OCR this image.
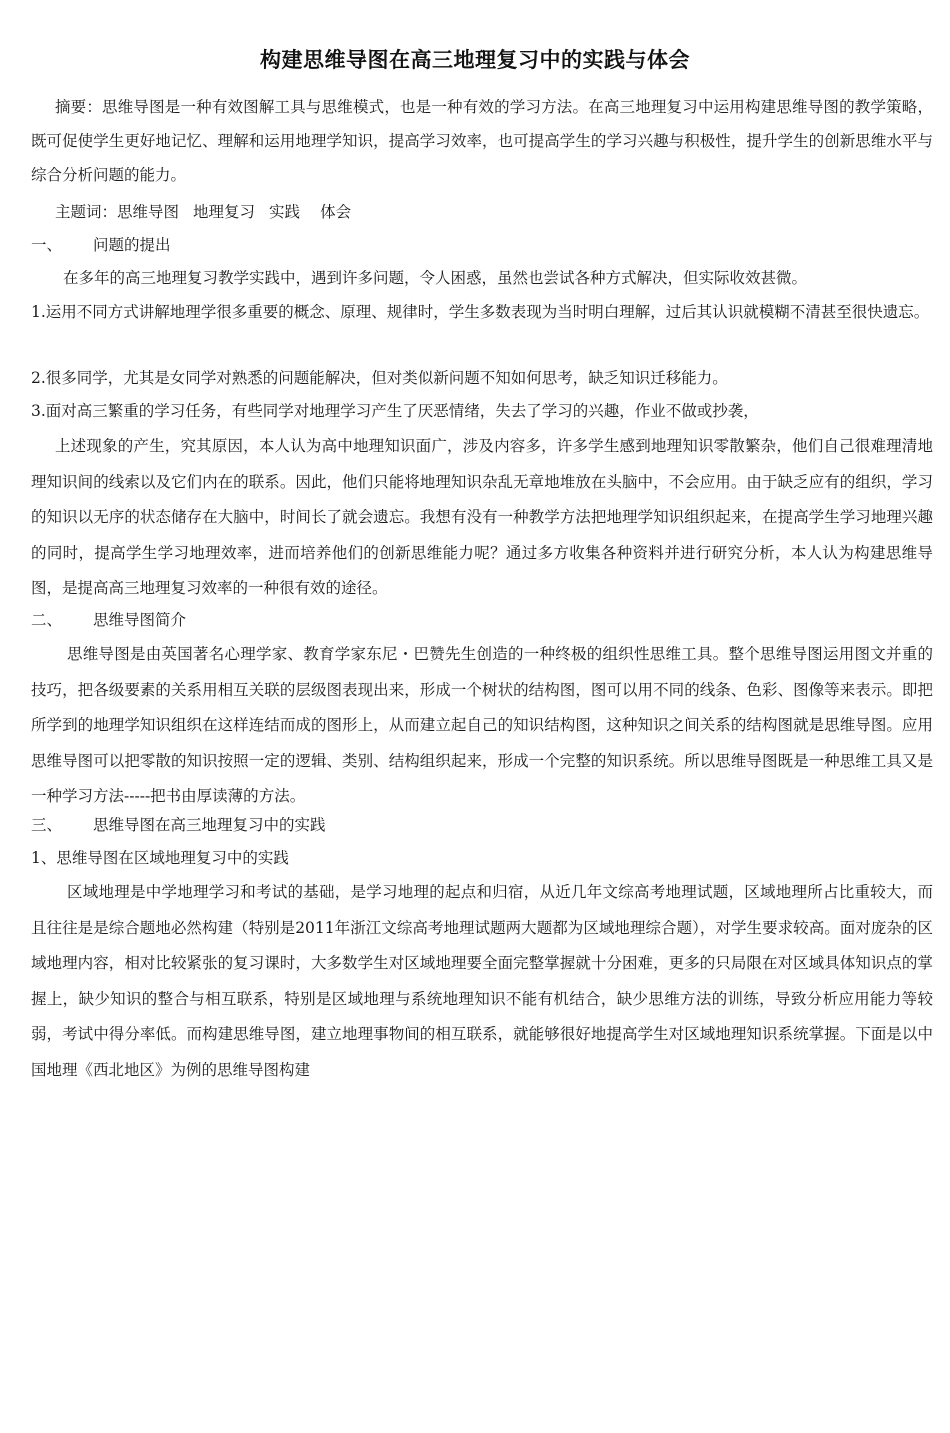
构建思维导图在高三地理复习中的实践与体会

摘要：思维导图是一种有效图解工具与思维模式，也是一种有效的学习方法。在高三地理复习中运用构建思维导图的教学策略，既可促使学生更好地记忆、理解和运用地理学知识，提高学习效率，也可提高学生的学习兴趣与积极性，提升学生的创新思维水平与综合分析问题的能力。

主题词：思维导图 地理复习 实践 体会
一、 问题的提出
在多年的高三地理复习教学实践中，遇到许多问题，令人困惑，虽然也尝试各种方式解决，但实际收效甚微。

1.运用不同方式讲解地理学很多重要的概念、原理、规律时，学生多数表现为当时明白理解，过后其认识就模糊不清甚至很快遗忘。

2.很多同学，尤其是女同学对熟悉的问题能解决，但对类似新问题不知如何思考，缺乏知识迁移能力。
3.面对高三繁重的学习任务，有些同学对地理学习产生了厌恶情绪，失去了学习的兴趣，作业不做或抄袭，

上述现象的产生，究其原因，本人认为高中地理知识面广，涉及内容多，许多学生感到地理知识零散繁杂，他们自己很难理清地理知识间的线索以及它们内在的联系。因此，他们只能将地理知识杂乱无章地堆放在头脑中，不会应用。由于缺乏应有的组织，学习的知识以无序的状态储存在大脑中，时间长了就会遗忘。我想有没有一种教学方法把地理学知识组织起来，在提高学生学习地理兴趣的同时，提高学生学习地理效率，进而培养他们的创新思维能力呢？通过多方收集各种资料并进行研究分析，本人认为构建思维导图，是提高高三地理复习效率的一种很有效的途径。

二、 思维导图简介

思维导图是由英国著名心理学家、教育学家东尼・巴赞先生创造的一种终极的组织性思维工具。整个思维导图运用图文并重的技巧，把各级要素的关系用相互关联的层级图表现出来，形成一个树状的结构图，图可以用不同的线条、色彩、图像等来表示。即把所学到的地理学知识组织在这样连结而成的图形上，从而建立起自己的知识结构图，这种知识之间关系的结构图就是思维导图。应用思维导图可以把零散的知识按照一定的逻辑、类别、结构组织起来，形成一个完整的知识系统。所以思维导图既是一种思维工具又是一种学习方法-----把书由厚读薄的方法。

三、 思维导图在高三地理复习中的实践
1、思维导图在区域地理复习中的实践

区域地理是中学地理学习和考试的基础，是学习地理的起点和归宿，从近几年文综高考地理试题，区域地理所占比重较大，而且往往是是综合题地必然构建（特别是2011年浙江文综高考地理试题两大题都为区域地理综合题），对学生要求较高。面对庞杂的区域地理内容，相对比较紧张的复习课时，大多数学生对区域地理要全面完整掌握就十分困难，更多的只局限在对区域具体知识点的掌握上，缺少知识的整合与相互联系，特别是区域地理与系统地理知识不能有机结合，缺少思维方法的训练，导致分析应用能力等较弱，考试中得分率低。而构建思维导图，建立地理事物间的相互联系，就能够很好地提高学生对区域地理知识系统掌握。下面是以中国地理《西北地区》为例的思维导图构建
